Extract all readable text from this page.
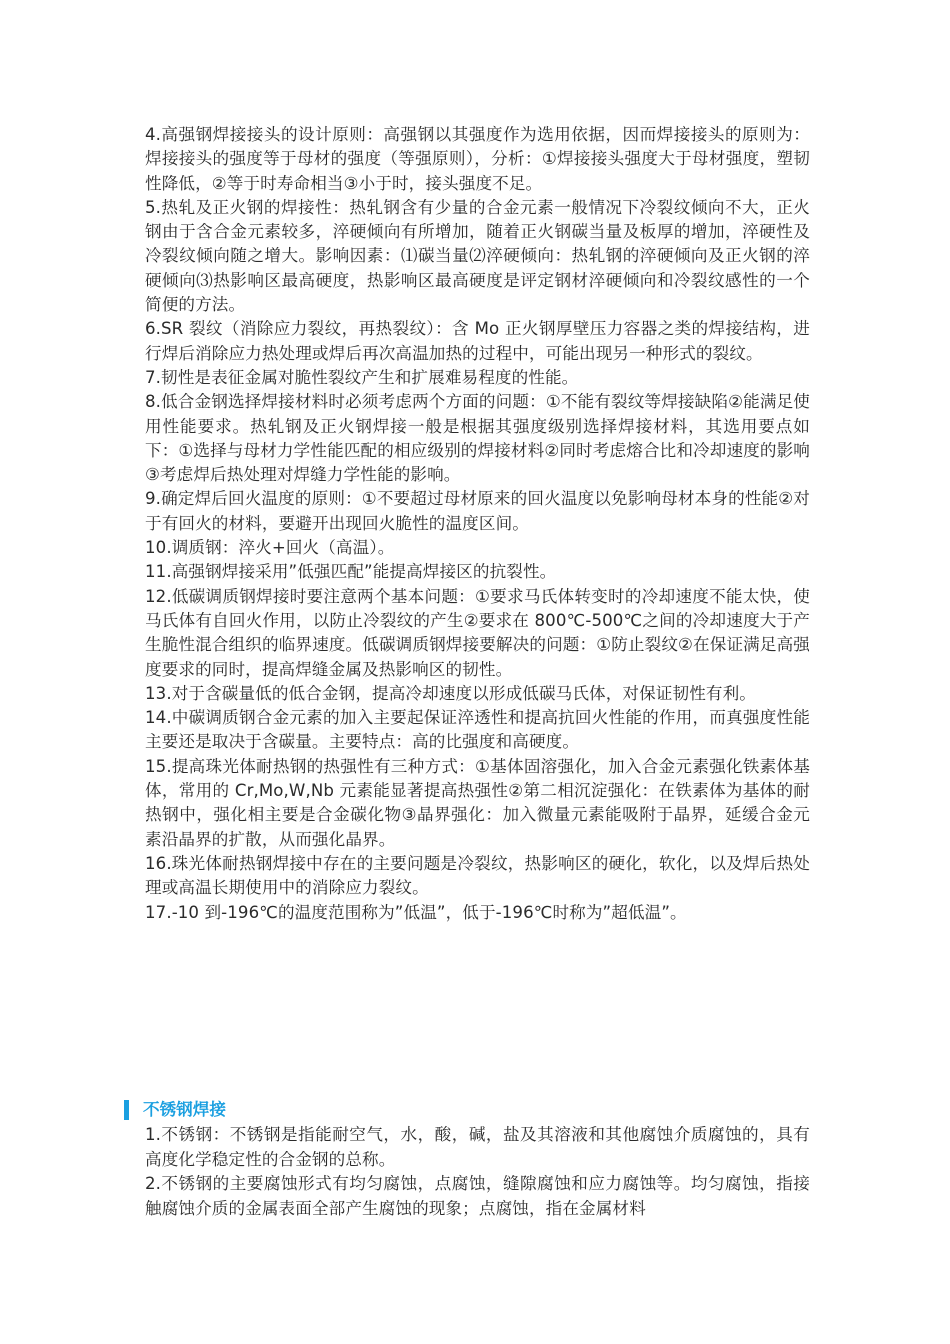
4.高强钢焊接接头的设计原则：高强钢以其强度作为选用依据，因而焊接接头的原则为：焊接接头的强度等于母材的强度（等强原则），分析：①焊接接头强度大于母材强度，塑韧性降低，②等于时寿命相当③小于时，接头强度不足。

5.热轧及正火钢的焊接性：热轧钢含有少量的合金元素一般情况下冷裂纹倾向不大，正火钢由于含合金元素较多，淬硬倾向有所增加，随着正火钢碳当量及板厚的增加，淬硬性及冷裂纹倾向随之增大。影响因素：⑴碳当量⑵淬硬倾向：热轧钢的淬硬倾向及正火钢的淬硬倾向⑶热影响区最高硬度，热影响区最高硬度是评定钢材淬硬倾向和冷裂纹感性的一个简便的方法。

6.SR 裂纹（消除应力裂纹，再热裂纹）：含 Mo 正火钢厚壁压力容器之类的焊接结构，进行焊后消除应力热处理或焊后再次高温加热的过程中，可能出现另一种形式的裂纹。

7.韧性是表征金属对脆性裂纹产生和扩展难易程度的性能。

8.低合金钢选择焊接材料时必须考虑两个方面的问题：①不能有裂纹等焊接缺陷②能满足使用性能要求。热轧钢及正火钢焊接一般是根据其强度级别选择焊接材料，其选用要点如下：①选择与母材力学性能匹配的相应级别的焊接材料②同时考虑熔合比和冷却速度的影响③考虑焊后热处理对焊缝力学性能的影响。

9.确定焊后回火温度的原则：①不要超过母材原来的回火温度以免影响母材本身的性能②对于有回火的材料，要避开出现回火脆性的温度区间。

10.调质钢：淬火+回火（高温）。

11.高强钢焊接采用”低强匹配”能提高焊接区的抗裂性。

12.低碳调质钢焊接时要注意两个基本问题：①要求马氏体转变时的冷却速度不能太快，使马氏体有自回火作用，以防止冷裂纹的产生②要求在 800℃-500℃之间的冷却速度大于产生脆性混合组织的临界速度。低碳调质钢焊接要解决的问题：①防止裂纹②在保证满足高强度要求的同时，提高焊缝金属及热影响区的韧性。

13.对于含碳量低的低合金钢，提高冷却速度以形成低碳马氏体，对保证韧性有利。

14.中碳调质钢合金元素的加入主要起保证淬透性和提高抗回火性能的作用，而真强度性能主要还是取决于含碳量。主要特点：高的比强度和高硬度。

15.提高珠光体耐热钢的热强性有三种方式：①基体固溶强化，加入合金元素强化铁素体基体，常用的 Cr,Mo,W,Nb 元素能显著提高热强性②第二相沉淀强化：在铁素体为基体的耐热钢中，强化相主要是合金碳化物③晶界强化：加入微量元素能吸附于晶界，延缓合金元素沿晶界的扩散，从而强化晶界。

16.珠光体耐热钢焊接中存在的主要问题是冷裂纹，热影响区的硬化，软化，以及焊后热处理或高温长期使用中的消除应力裂纹。

17.-10 到-196℃的温度范围称为”低温”，低于-196℃时称为”超低温”。

不锈钢焊接

1.不锈钢：不锈钢是指能耐空气，水，酸，碱，盐及其溶液和其他腐蚀介质腐蚀的，具有高度化学稳定性的合金钢的总称。

2.不锈钢的主要腐蚀形式有均匀腐蚀，点腐蚀，缝隙腐蚀和应力腐蚀等。均匀腐蚀，指接触腐蚀介质的金属表面全部产生腐蚀的现象；点腐蚀，指在金属材料
